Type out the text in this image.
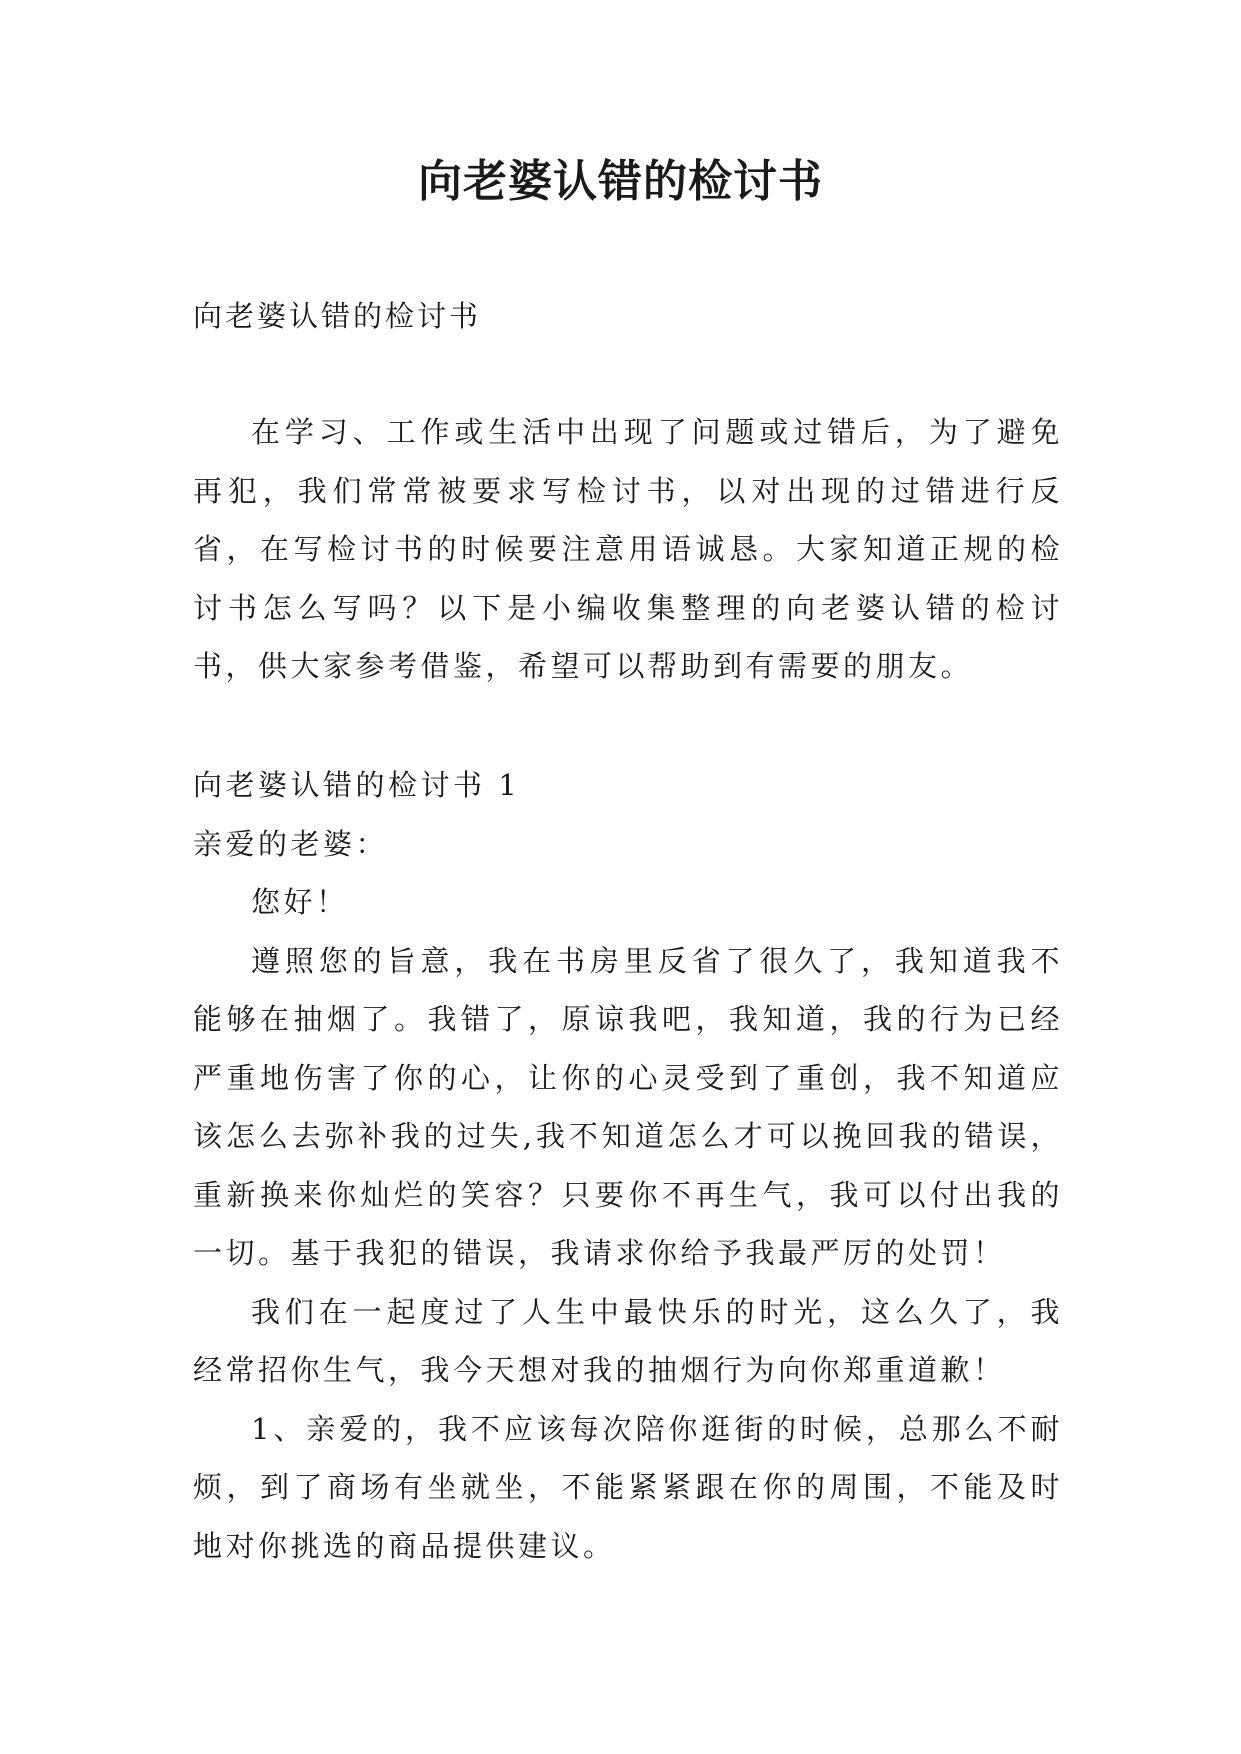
向老婆认错的检讨书
向老婆认错的检讨书

在学习、工作或生活中出现了问题或过错后，为了避免再犯，我们常常被要求写检讨书，以对出现的过错进行反省，在写检讨书的时候要注意用语诚恳。大家知道正规的检讨书怎么写吗？以下是小编收集整理的向老婆认错的检讨书，供大家参考借鉴，希望可以帮助到有需要的朋友。

向老婆认错的检讨书 1

亲爱的老婆：

您好！

遵照您的旨意，我在书房里反省了很久了，我知道我不能够在抽烟了。我错了，原谅我吧，我知道，我的行为已经严重地伤害了你的心，让你的心灵受到了重创，我不知道应该怎么去弥补我的过失,我不知道怎么才可以挽回我的错误，重新换来你灿烂的笑容？只要你不再生气，我可以付出我的一切。基于我犯的错误，我请求你给予我最严厉的处罚！

我们在一起度过了人生中最快乐的时光，这么久了，我经常招你生气，我今天想对我的抽烟行为向你郑重道歉！

1、亲爱的，我不应该每次陪你逛街的时候，总那么不耐烦，到了商场有坐就坐，不能紧紧跟在你的周围，不能及时地对你挑选的商品提供建议。
